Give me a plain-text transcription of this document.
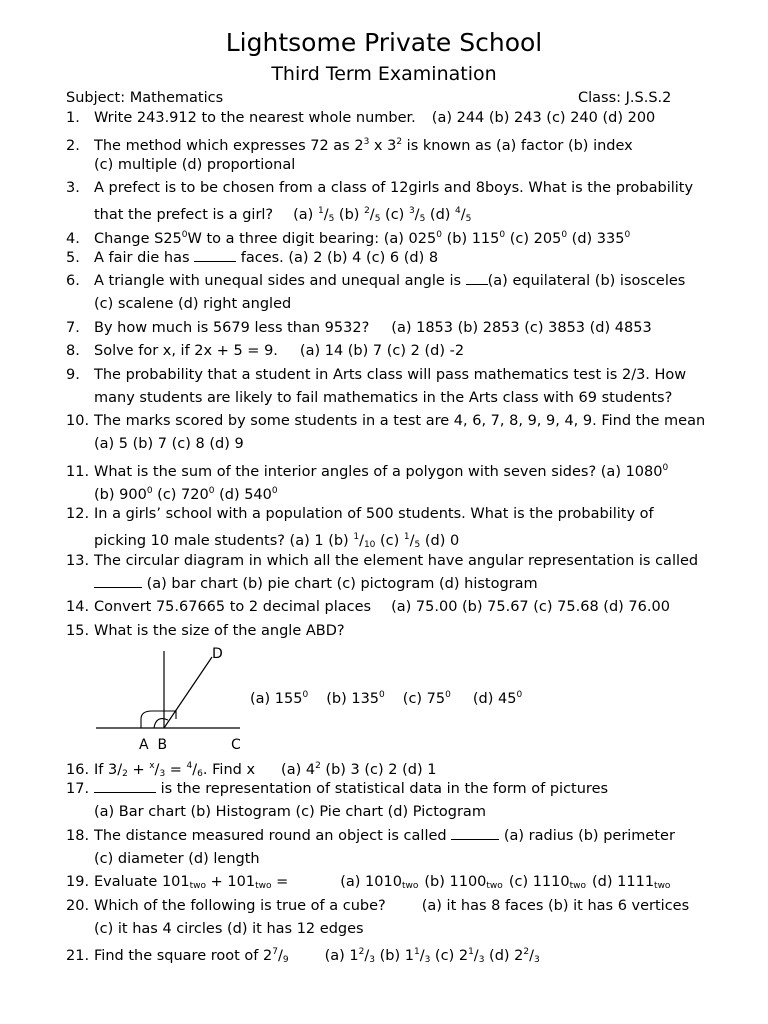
Lightsome Private School
Third Term Examination
Subject: Mathematics	Class: J.S.S.2
1. Write 243.912 to the nearest whole number. (a) 244 (b) 243 (c) 240 (d) 200
2. The method which expresses 72 as $2^3$ x $3^2$ is known as (a) factor (b) index
(c) multiple (d) proportional
3. A prefect is to be chosen from a class of 12girls and 8boys. What is the probability
that the prefect is a girl? (a) $^1$/5 (b) $^2$/5 (c) $^3$/5 (d) $^4$/5
4. Change $S25^0W$ to a three digit bearing: (a) $025^0$ (b) $115^0$ (c) $205^0$ (d) $335^0$
5. A fair die has	faces. (a) 2 (b) 4 (c) 6 (d) 8
6. A triangle with unequal sides and unequal angle is (a) equilateral (b) isosceles
(c) scalene (d) right angled
7. By how much is 5679 less than 9532? (a) 1853 (b) 2853 (c) 3853 (d) 4853
8. Solve for x, if 2x + 5 = 9. (a) 14 (b) 7 (c) 2 (d) -2
9. The probability that a student in Arts class will pass mathematics test is 2/3. How
many students are likely to fail mathematics in the Arts class with 69 students?
10. The marks scored by some students in a test are 4, 6, 7, 8, 9, 9, 4, 9. Find the mean
(a) 5 (b) 7 (c) 8 (d) 9
11. What is the sum of the interior angles of a polygon with seven sides? (a) 1080$^0$
(b) $900^0$ (c) $720^0$ (d) $540^0$
12. In a girls’ school with a population of 500 students. What is the probability of
picking 10 male students? (a) 1 (b) $^1$/10 (c) $^1$/5 (d) 0
13. The circular diagram in which all the element have angular representation is called
(a) bar chart (b) pie chart (c) pictogram (d) histogram
14. Convert 75.67665 to 2 decimal places (a) 75.00 (b) 75.67 (c) 75.68 (d) 76.00
15. What is the size of the angle ABD?
D
A  B	C
(a) $155^0$ (b) $135^0$ (c) $75^0$ (d) $45^0$
16. If 3/2 + $^x$/3 = $^4$/6. Find x (a) $4^2$ (b) 3 (c) 2 (d) 1
17.	is the representation of statistical data in the form of pictures
(a) Bar chart (b) Histogram (c) Pie chart (d) Pictogram
18. The distance measured round an object is called	(a) radius (b) perimeter
(c) diameter (d) length
19. Evaluate 101two + 101two =	(a) 1010two (b) 1100two (c) 1110two (d) 1111two
20. Which of the following is true of a cube? (a) it has 8 faces (b) it has 6 vertices
(c) it has 4 circles (d) it has 12 edges
21. Find the square root of $2^7/9$ (a) $1^2/3$ (b) $1^1/3$ (c) $2^1/3$ (d) $2^2/3$
